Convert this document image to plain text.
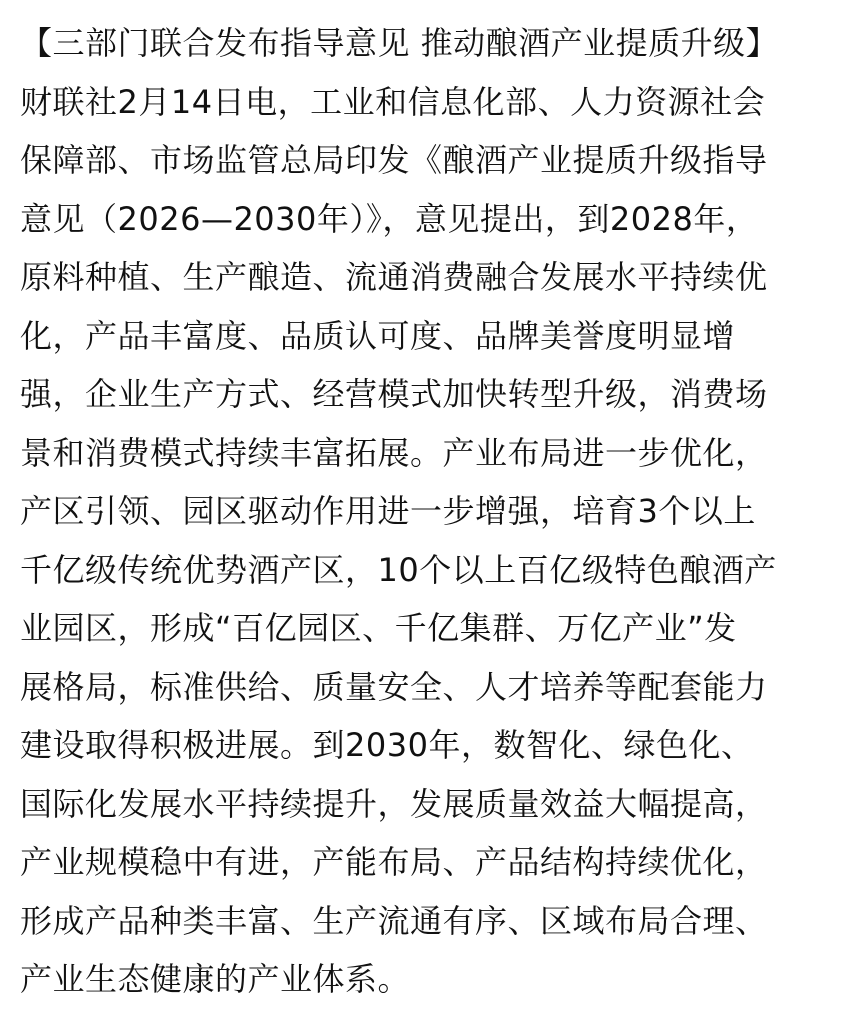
【三部门联合发布指导意见 推动酿酒产业提质升级】
财联社2月14日电，工业和信息化部、人力资源社会
保障部、市场监管总局印发《酿酒产业提质升级指导
意见（2026—2030年）》，意见提出，到2028年，
原料种植、生产酿造、流通消费融合发展水平持续优
化，产品丰富度、品质认可度、品牌美誉度明显增
强，企业生产方式、经营模式加快转型升级，消费场
景和消费模式持续丰富拓展。产业布局进一步优化，
产区引领、园区驱动作用进一步增强，培育3个以上
千亿级传统优势酒产区，10个以上百亿级特色酿酒产
业园区，形成“百亿园区、千亿集群、万亿产业”发
展格局，标准供给、质量安全、人才培养等配套能力
建设取得积极进展。到2030年，数智化、绿色化、
国际化发展水平持续提升，发展质量效益大幅提高，
产业规模稳中有进，产能布局、产品结构持续优化，
形成产品种类丰富、生产流通有序、区域布局合理、
产业生态健康的产业体系。
